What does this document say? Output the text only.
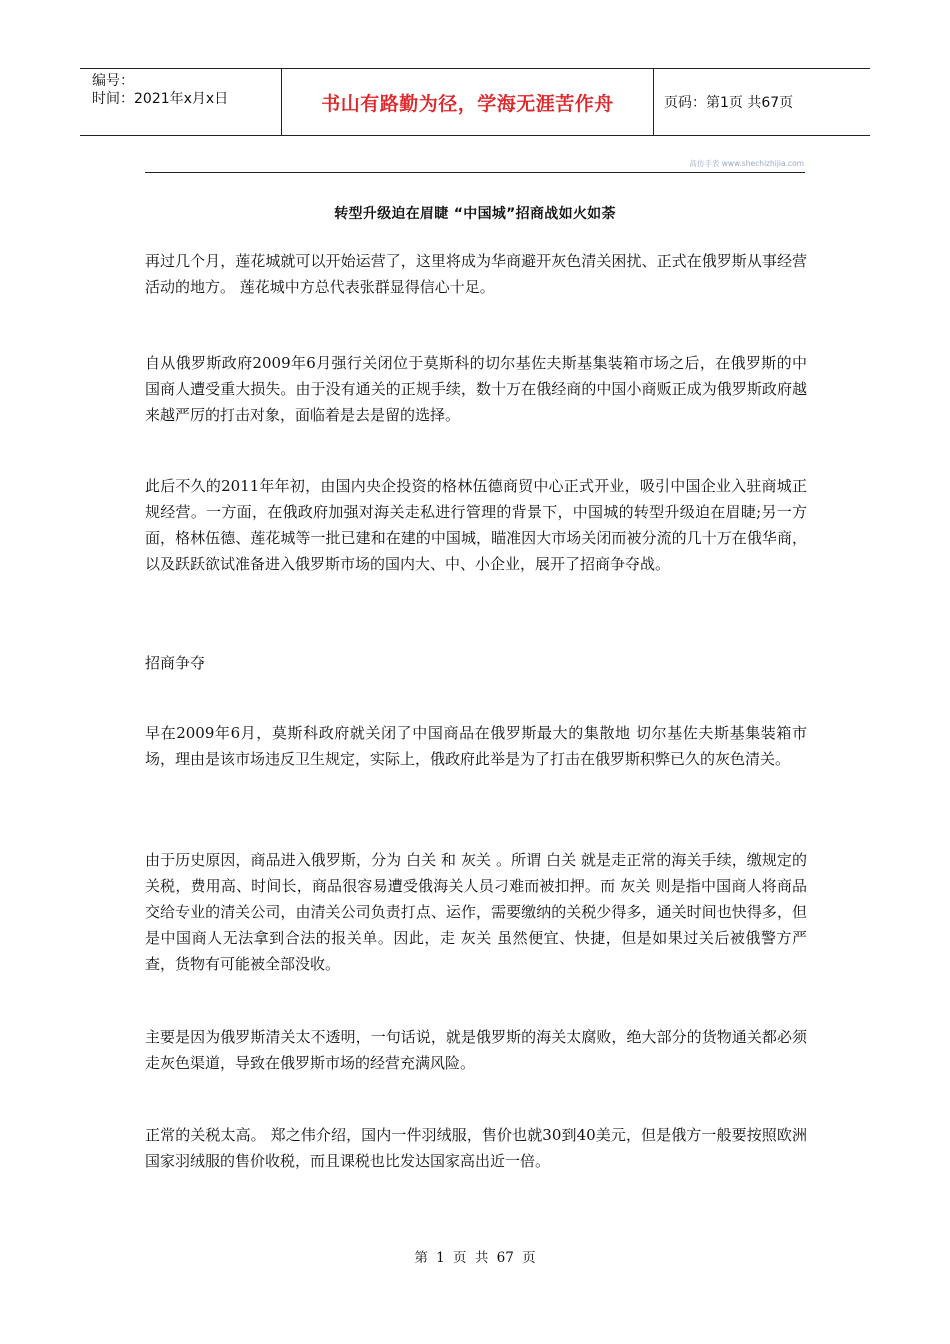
编号：
时间：2021年x月x日	书山有路勤为径，学海无涯苦作舟	页码：第1页 共67页
高仿手表 www.shechizhijia.com
转型升级迫在眉睫 “中国城”招商战如火如荼

再过几个月，莲花城就可以开始运营了，这里将成为华商避开灰色清关困扰、正式在俄罗斯从事经营活动的地方。 莲花城中方总代表张群显得信心十足。

自从俄罗斯政府2009年6月强行关闭位于莫斯科的切尔基佐夫斯基集装箱市场之后，在俄罗斯的中国商人遭受重大损失。由于没有通关的正规手续，数十万在俄经商的中国小商贩正成为俄罗斯政府越来越严厉的打击对象，面临着是去是留的选择。

此后不久的2011年年初，由国内央企投资的格林伍德商贸中心正式开业，吸引中国企业入驻商城正规经营。一方面，在俄政府加强对海关走私进行管理的背景下，中国城的转型升级迫在眉睫;另一方面，格林伍德、莲花城等一批已建和在建的中国城，瞄准因大市场关闭而被分流的几十万在俄华商，以及跃跃欲试准备进入俄罗斯市场的国内大、中、小企业，展开了招商争夺战。

招商争夺

早在2009年6月，莫斯科政府就关闭了中国商品在俄罗斯最大的集散地 切尔基佐夫斯基集装箱市场，理由是该市场违反卫生规定，实际上，俄政府此举是为了打击在俄罗斯积弊已久的灰色清关。

由于历史原因，商品进入俄罗斯，分为 白关 和 灰关 。所谓 白关 就是走正常的海关手续，缴规定的关税，费用高、时间长，商品很容易遭受俄海关人员刁难而被扣押。而 灰关 则是指中国商人将商品交给专业的清关公司，由清关公司负责打点、运作，需要缴纳的关税少得多，通关时间也快得多，但是中国商人无法拿到合法的报关单。因此，走 灰关 虽然便宜、快捷，但是如果过关后被俄警方严查，货物有可能被全部没收。

主要是因为俄罗斯清关太不透明，一句话说，就是俄罗斯的海关太腐败，绝大部分的货物通关都必须走灰色渠道，导致在俄罗斯市场的经营充满风险。

正常的关税太高。 郑之伟介绍，国内一件羽绒服，售价也就30到40美元，但是俄方一般要按照欧洲国家羽绒服的售价收税，而且课税也比发达国家高出近一倍。

第 1 页 共 67 页
